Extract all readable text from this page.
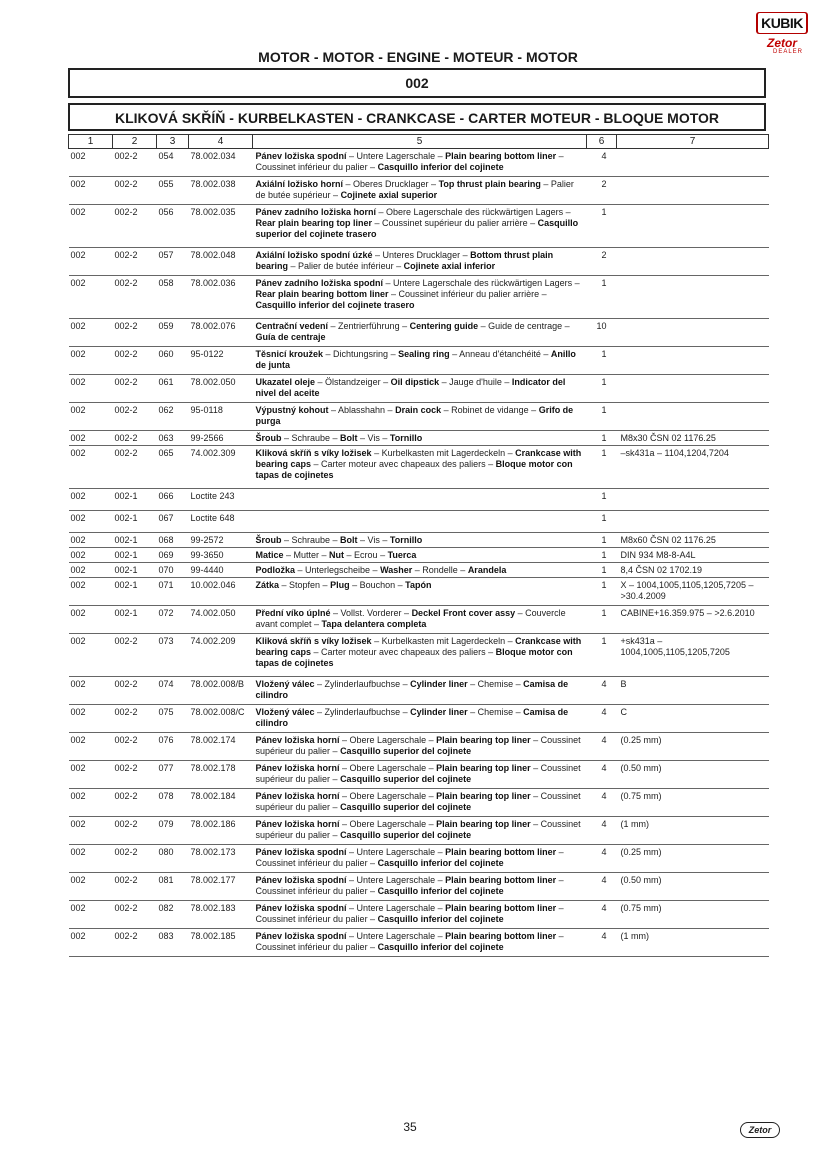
KUBIK
Zetor
DEALER
MOTOR - MOTOR - ENGINE - MOTEUR - MOTOR
002
KLIKOVÁ SKŘÍŇ - KURBELKASTEN - CRANKCASE - CARTER MOTEUR - BLOQUE MOTOR
1	2	3	4	5	6	7
002	002-2	054	78.002.034	Pánev ložiska spodní – Untere Lagerschale – Plain bearing bottom liner – Coussinet inférieur du palier – Casquillo inferior del cojinete	4	
002	002-2	055	78.002.038	Axiální ložisko horní – Oberes Drucklager – Top thrust plain bearing – Palier de butée supérieur – Cojinete axial superior	2	
002	002-2	056	78.002.035	Pánev zadního ložiska horní – Obere Lagerschale des rückwärtigen Lagers – Rear plain bearing top liner – Coussinet supérieur du palier arrière – Casquillo superior del cojinete trasero	1	
002	002-2	057	78.002.048	Axiální ložisko spodní úzké – Unteres Drucklager – Bottom thrust plain bearing – Palier de butée inférieur – Cojinete axial inferior	2	
002	002-2	058	78.002.036	Pánev zadního ložiska spodní – Untere Lagerschale des rückwärtigen Lagers – Rear plain bearing bottom liner – Coussinet inférieur du palier arrière – Casquillo inferior del cojinete trasero	1	
002	002-2	059	78.002.076	Centrační vedení – Zentrierführung – Centering guide – Guide de centrage – Guía de centraje	10	
002	002-2	060	95-0122	Těsnicí kroužek – Dichtungsring – Sealing ring – Anneau d'étanchéité – Anillo de junta	1	
002	002-2	061	78.002.050	Ukazatel oleje – Ölstandzeiger – Oil dipstick – Jauge d'huile – Indicator del nivel del aceite	1	
002	002-2	062	95-0118	Výpustný kohout – Ablasshahn – Drain cock – Robinet de vidange – Grifo de purga	1	
002	002-2	063	99-2566	Šroub – Schraube – Bolt – Vis – Tornillo	1	M8x30 ČSN 02 1176.25
002	002-2	065	74.002.309	Kliková skříň s víky ložisek – Kurbelkasten mit Lagerdeckeln – Crankcase with bearing caps – Carter moteur avec chapeaux des paliers – Bloque motor con tapas de cojinetes	1	–sk431a – 1104,1204,7204
002	002-1	066	Loctite 243		1	
002	002-1	067	Loctite 648		1	
002	002-1	068	99-2572	Šroub – Schraube – Bolt – Vis – Tornillo	1	M8x60 ČSN 02 1176.25
002	002-1	069	99-3650	Matice – Mutter – Nut – Ecrou – Tuerca	1	DIN 934 M8-8-A4L
002	002-1	070	99-4440	Podložka – Unterlegscheibe – Washer – Rondelle – Arandela	1	8,4 ČSN 02 1702.19
002	002-1	071	10.002.046	Zátka – Stopfen – Plug – Bouchon – Tapón	1	X – 1004,1005,1105,1205,7205 – >30.4.2009
002	002-1	072	74.002.050	Přední víko úplné – Vollst. Vorderer – Deckel Front cover assy – Couvercle avant complet – Tapa delantera completa	1	CABINE+16.359.975 – >2.6.2010
002	002-2	073	74.002.209	Kliková skříň s víky ložisek – Kurbelkasten mit Lagerdeckeln – Crankcase with bearing caps – Carter moteur avec chapeaux des paliers – Bloque motor con tapas de cojinetes	1	+sk431a – 1004,1005,1105,1205,7205
002	002-2	074	78.002.008/B	Vložený válec – Zylinderlaufbuchse – Cylinder liner – Chemise – Camisa de cilindro	4	B
002	002-2	075	78.002.008/C	Vložený válec – Zylinderlaufbuchse – Cylinder liner – Chemise – Camisa de cilindro	4	C
002	002-2	076	78.002.174	Pánev ložiska horní – Obere Lagerschale – Plain bearing top liner – Coussinet supérieur du palier – Casquillo superior del cojinete	4	(0.25 mm)
002	002-2	077	78.002.178	Pánev ložiska horní – Obere Lagerschale – Plain bearing top liner – Coussinet supérieur du palier – Casquillo superior del cojinete	4	(0.50 mm)
002	002-2	078	78.002.184	Pánev ložiska horní – Obere Lagerschale – Plain bearing top liner – Coussinet supérieur du palier – Casquillo superior del cojinete	4	(0.75 mm)
002	002-2	079	78.002.186	Pánev ložiska horní – Obere Lagerschale – Plain bearing top liner – Coussinet supérieur du palier – Casquillo superior del cojinete	4	(1 mm)
002	002-2	080	78.002.173	Pánev ložiska spodní – Untere Lagerschale – Plain bearing bottom liner – Coussinet inférieur du palier – Casquillo inferior del cojinete	4	(0.25 mm)
002	002-2	081	78.002.177	Pánev ložiska spodní – Untere Lagerschale – Plain bearing bottom liner – Coussinet inférieur du palier – Casquillo inferior del cojinete	4	(0.50 mm)
002	002-2	082	78.002.183	Pánev ložiska spodní – Untere Lagerschale – Plain bearing bottom liner – Coussinet inférieur du palier – Casquillo inferior del cojinete	4	(0.75 mm)
002	002-2	083	78.002.185	Pánev ložiska spodní – Untere Lagerschale – Plain bearing bottom liner – Coussinet inférieur du palier – Casquillo inferior del cojinete	4	(1 mm)
35	Zetor
